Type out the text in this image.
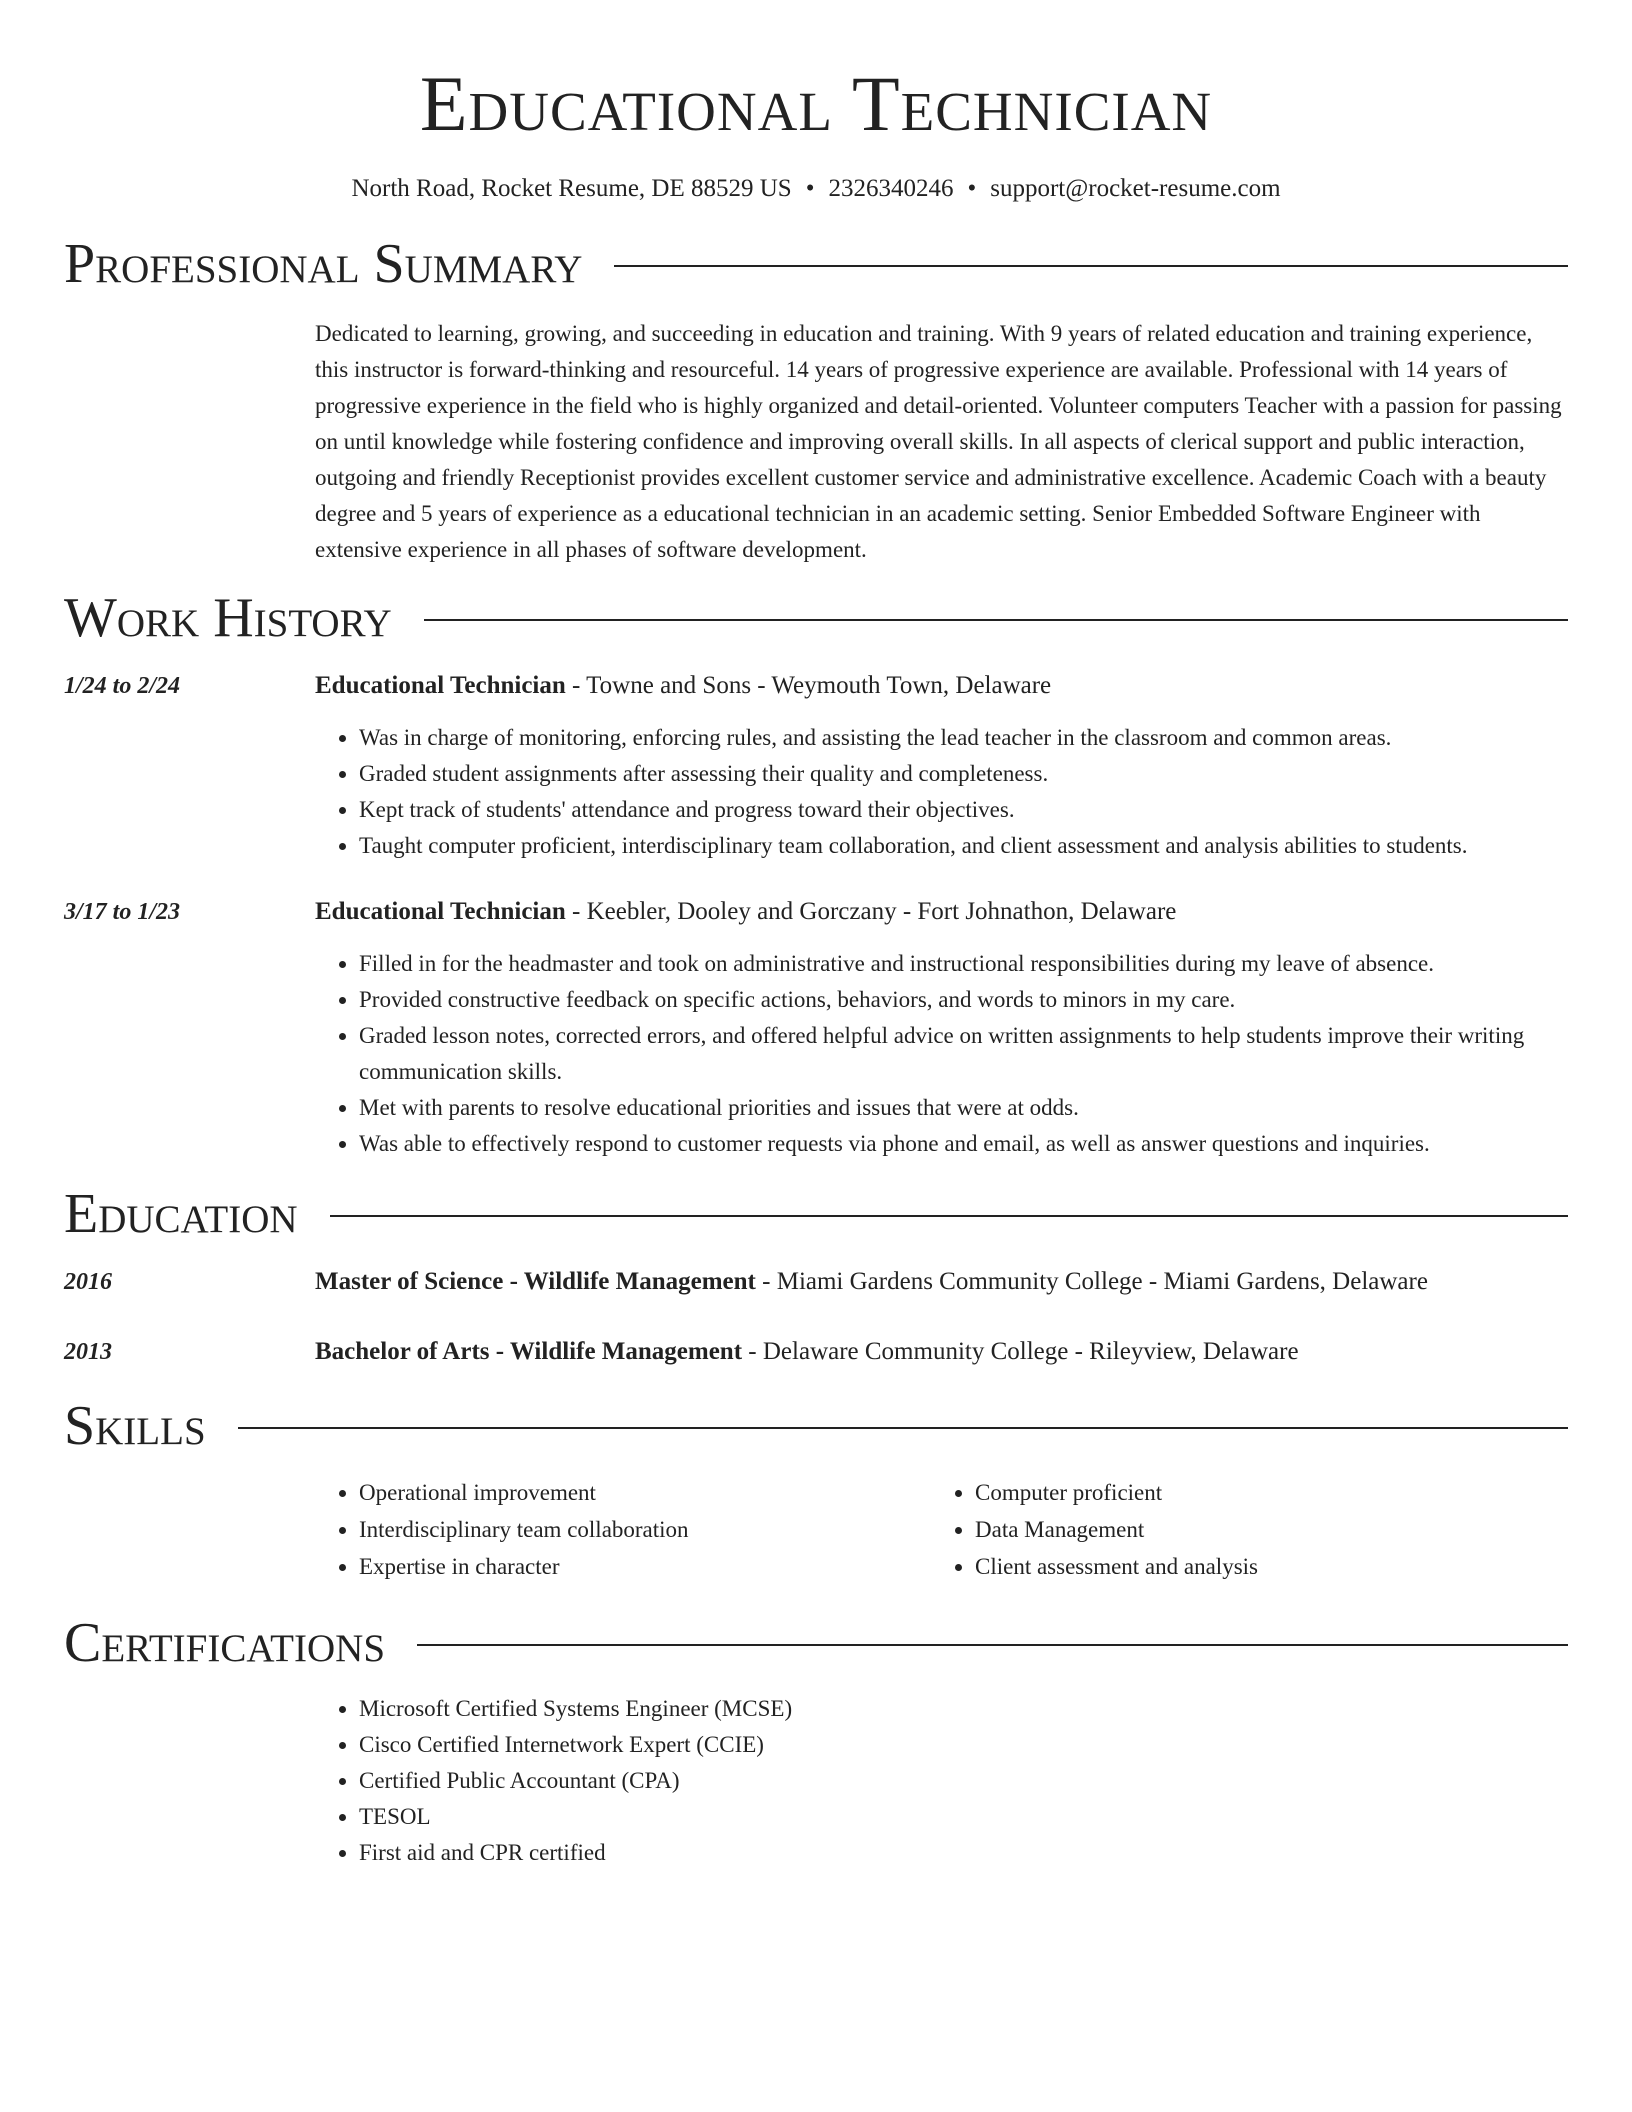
Educational Technician
North Road, Rocket Resume, DE 88529 US • 2326340246 • support@rocket-resume.com
Professional Summary
Dedicated to learning, growing, and succeeding in education and training. With 9 years of related education and training experience, this instructor is forward-thinking and resourceful. 14 years of progressive experience are available. Professional with 14 years of progressive experience in the field who is highly organized and detail-oriented. Volunteer computers Teacher with a passion for passing on until knowledge while fostering confidence and improving overall skills. In all aspects of clerical support and public interaction, outgoing and friendly Receptionist provides excellent customer service and administrative excellence. Academic Coach with a beauty degree and 5 years of experience as a educational technician in an academic setting. Senior Embedded Software Engineer with extensive experience in all phases of software development.
Work History
1/24 to 2/24	Educational Technician - Towne and Sons - Weymouth Town, Delaware
• Was in charge of monitoring, enforcing rules, and assisting the lead teacher in the classroom and common areas.
• Graded student assignments after assessing their quality and completeness.
• Kept track of students' attendance and progress toward their objectives.
• Taught computer proficient, interdisciplinary team collaboration, and client assessment and analysis abilities to students.
3/17 to 1/23	Educational Technician - Keebler, Dooley and Gorczany - Fort Johnathon, Delaware
• Filled in for the headmaster and took on administrative and instructional responsibilities during my leave of absence.
• Provided constructive feedback on specific actions, behaviors, and words to minors in my care.
• Graded lesson notes, corrected errors, and offered helpful advice on written assignments to help students improve their writing communication skills.
• Met with parents to resolve educational priorities and issues that were at odds.
• Was able to effectively respond to customer requests via phone and email, as well as answer questions and inquiries.
Education
2016	Master of Science - Wildlife Management - Miami Gardens Community College - Miami Gardens, Delaware
2013	Bachelor of Arts - Wildlife Management - Delaware Community College - Rileyview, Delaware
Skills
• Operational improvement
• Interdisciplinary team collaboration
• Expertise in character
• Computer proficient
• Data Management
• Client assessment and analysis
Certifications
• Microsoft Certified Systems Engineer (MCSE)
• Cisco Certified Internetwork Expert (CCIE)
• Certified Public Accountant (CPA)
• TESOL
• First aid and CPR certified
